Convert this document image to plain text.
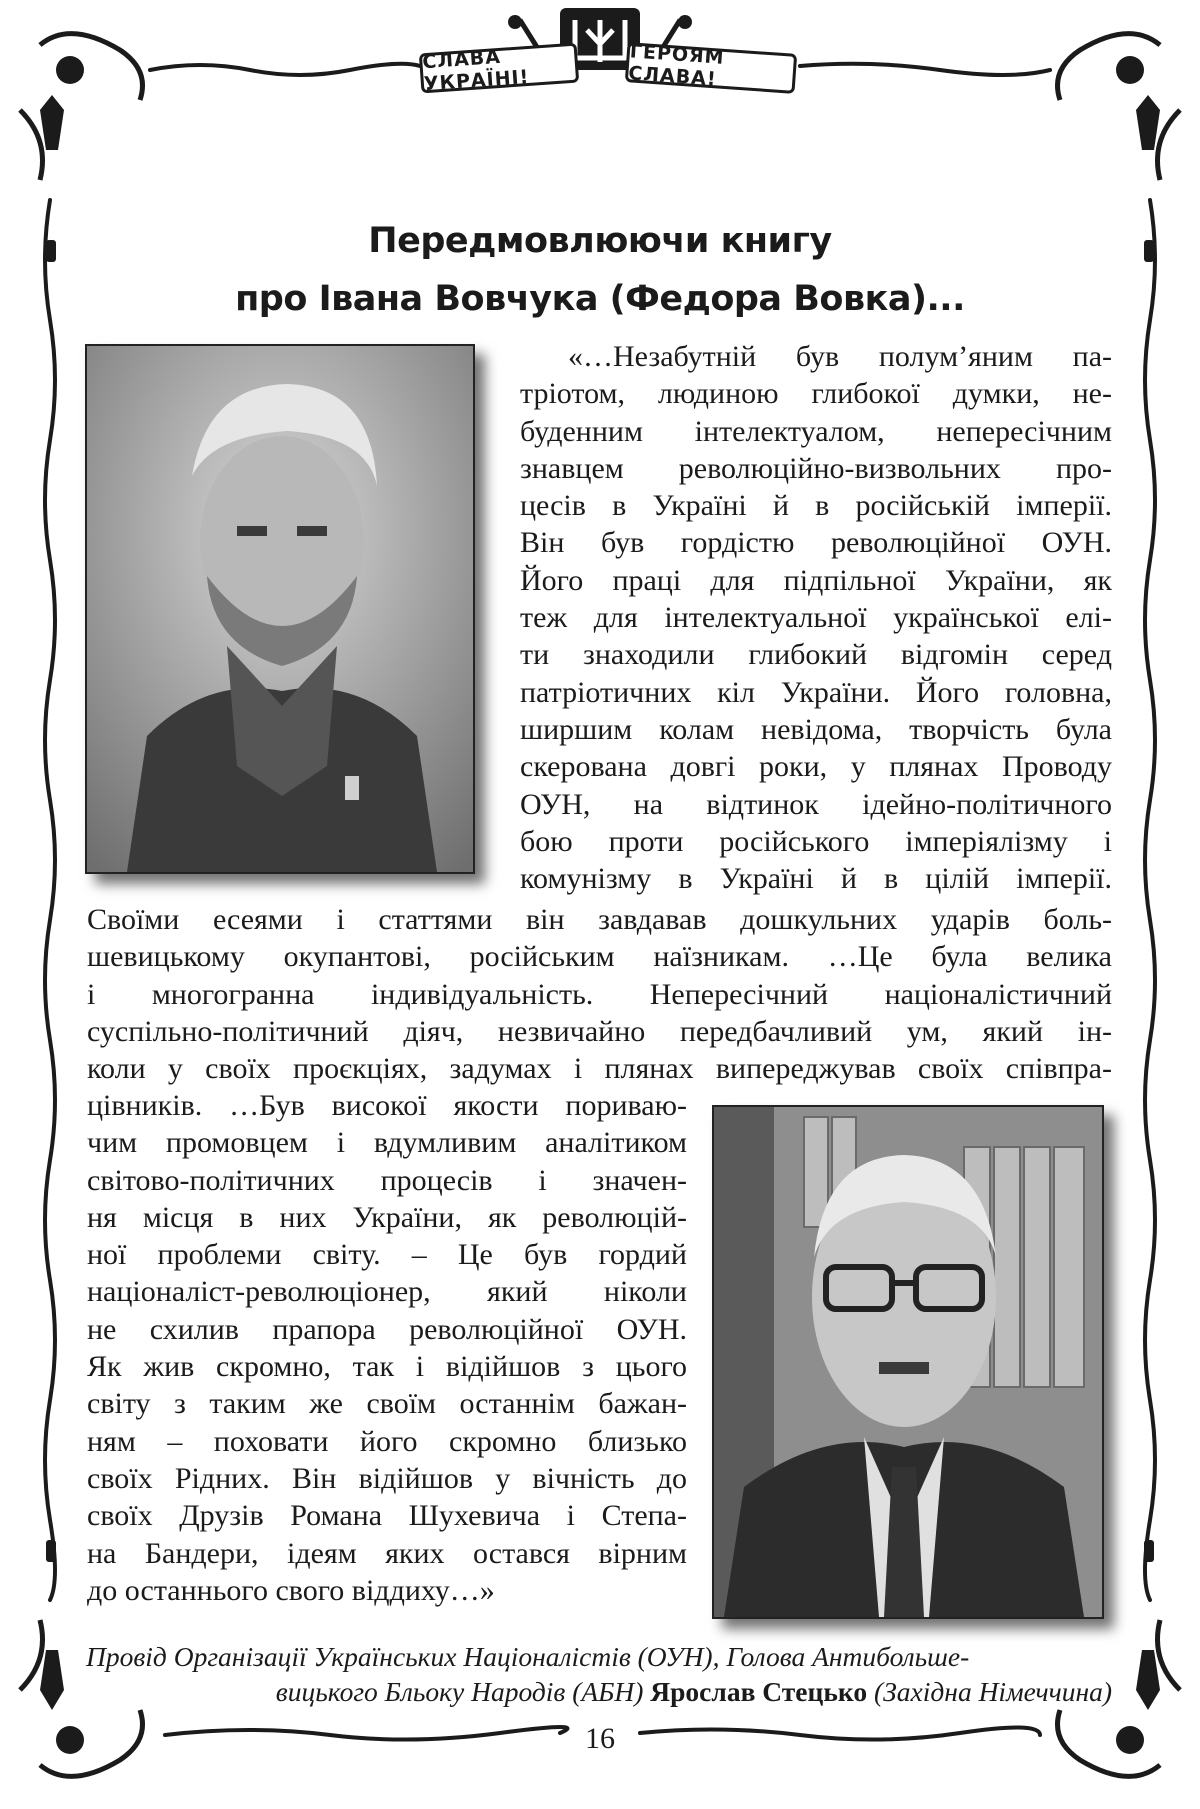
СЛАВА УКРАЇНІ!
ГЕРОЯМ СЛАВА!
Передмовлюючи книгу
про Івана Вовчука (Федора Вовка)...
«…Незабутній був полум’яним па-
тріотом, людиною глибокої думки, не-
буденним інтелектуалом, непересічним
знавцем революційно-визвольних про-
цесів в Україні й в російській імперії.
Він був гордістю революційної ОУН.
Його праці для підпільної України, як
теж для інтелектуальної української елі-
ти знаходили глибокий відгомін серед
патріотичних кіл України. Його головна,
ширшим колам невідома, творчість була
скерована довгі роки, у плянах Проводу
ОУН, на відтинок ідейно-політичного
бою проти російського імперіялізму і
комунізму в Україні й в цілій імперії.
Своїми есеями і статтями він завдавав дошкульних ударів боль-
шевицькому окупантові, російським наїзникам. …Це була велика
і многогранна індивідуальність. Непересічний націоналістичний
суспільно-політичний діяч, незвичайно передбачливий ум, який ін-
коли у своїх проєкціях, задумах і плянах випереджував своїх співпра-
цівників. …Був високої якости пориваю-
чим промовцем і вдумливим аналітиком
світово-політичних процесів і значен-
ня місця в них України, як революцій-
ної проблеми світу. – Це був гордий
націоналіст-революціонер, який ніколи
не схилив прапора революційної ОУН.
Як жив скромно, так і відійшов з цього
світу з таким же своїм останнім бажан-
ням – поховати його скромно близько
своїх Рідних. Він відійшов у вічність до
своїх Друзів Романа Шухевича і Степа-
на Бандери, ідеям яких остався вірним
до останнього свого віддиху…»
Провід Організації Українських Націоналістів (ОУН), Голова Антибольше-
вицького Бльоку Народів (АБН) Ярослав Стецько (Західна Німеччина)
16
